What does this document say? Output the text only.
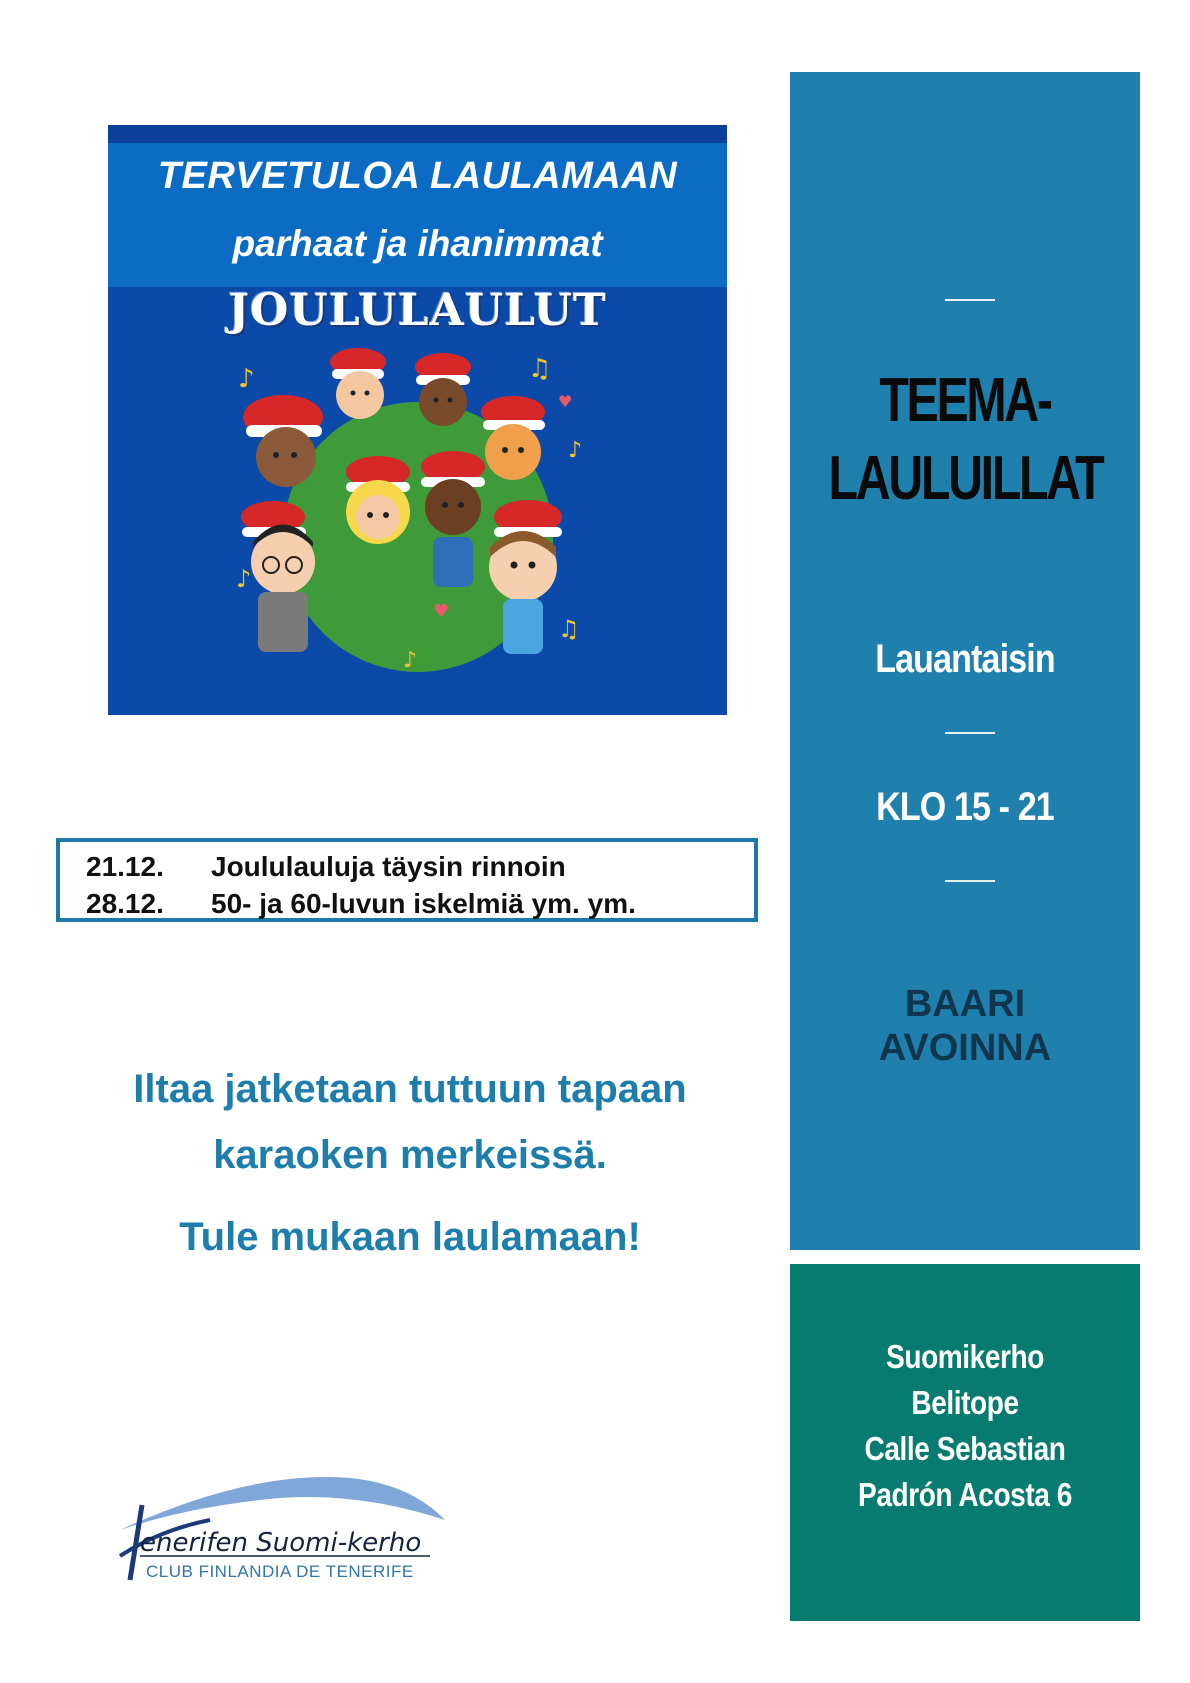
TERVETULOA LAULAMAAN
parhaat ja ihanimmat
JOULULAULUT
♪	♫
♪
♪
♫
♪
♥
♥
21.12.	Joululauluja täysin rinnoin
28.12.	50- ja 60-luvun iskelmiä ym. ym.
Iltaa jatketaan tuttuun tapaan
karaoken merkeissä.
Tule mukaan laulamaan!
TEEMA-
LAULUILLAT
Lauantaisin
KLO 15 - 21
BAARI
AVOINNA
Suomikerho
Belitope
Calle Sebastian
Padrón Acosta 6
enerifen Suomi-kerho
CLUB FINLANDIA DE TENERIFE
